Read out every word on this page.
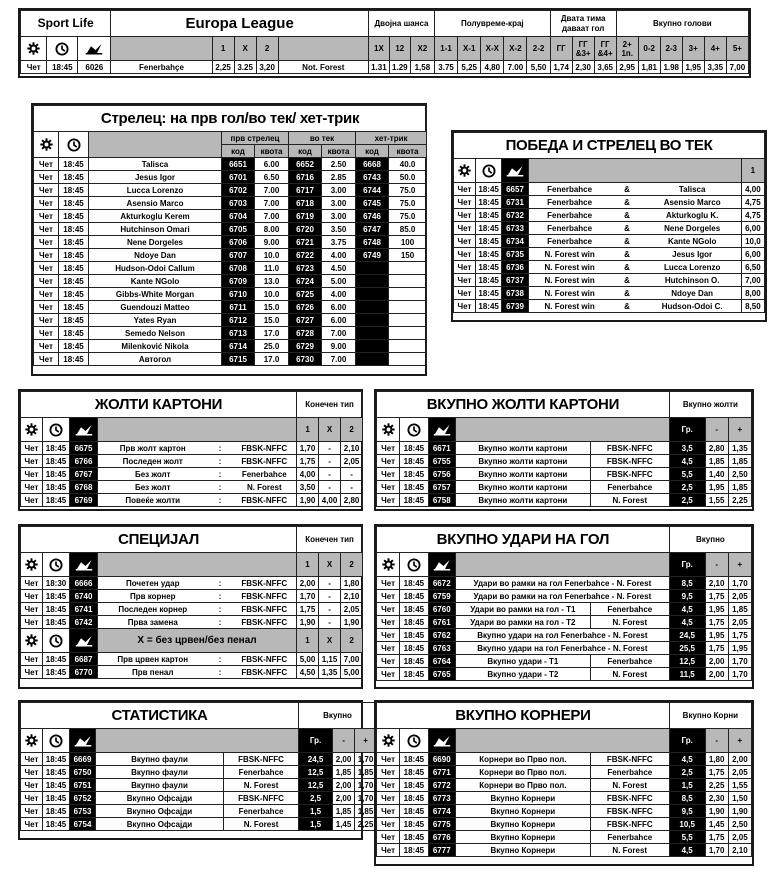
Sport Life			Europa League					Двојна шанса			Полувреме-крај					Двата тима даваат гол			Вкупно голови					

		1	X	2		1X	12	X2	1-1	X-1	X-X	X-2	2-2	ГГ	ГГ &3+	ГГ &4+	2+ 1п.	0-2	2-3	3+	4+	5+
Чет	18:45	6026	Fenerbahçe	2,25	3.25	3,20	Not. Forest	1.31	1.29	1,58	3.75	5,25	4,80	7.00	5,50	1,74	2,30	3,65	2,95	1,81	1.98	1,95	3,35	7,00
Стрелец: на прв гол/во тек/ хет-трик								

		прв стрелец		во тек		хет-трик	
			код	квота	код	квота	код	квота
Чет	18:45	Talisca	6651	6.00	6652	2.50	6668	40.0
Чет	18:45	Jesus Igor	6701	6.50	6716	2.85	6743	50.0
Чет	18:45	Lucca Lorenzo	6702	7.00	6717	3.00	6744	75.0
Чет	18:45	Asensio Marco	6703	7.00	6718	3.00	6745	75.0
Чет	18:45	Akturkoglu Kerem	6704	7.00	6719	3.00	6746	75.0
Чет	18:45	Hutchinson Omari	6705	8.00	6720	3.50	6747	85.0
Чет	18:45	Nene Dorgeles	6706	9.00	6721	3.75	6748	100
Чет	18:45	Ndoye Dan	6707	10.0	6722	4.00	6749	150
Чет	18:45	Hudson-Odoi Callum	6708	11.0	6723	4.50		
Чет	18:45	Kante NGolo	6709	13.0	6724	5.00		
Чет	18:45	Gibbs-White Morgan	6710	10.0	6725	4.00		
Чет	18:45	Guendouzi Matteo	6711	15.0	6726	6.00		
Чет	18:45	Yates Ryan	6712	15.0	6727	6.00		
Чет	18:45	Semedo Nelson	6713	17.0	6728	7.00		
Чет	18:45	Milenković Nikola	6714	25.0	6729	9.00		
Чет	18:45	Автогол	6715	17.0	6730	7.00		
ПОБЕДА И СТРЕЛЕЦ ВО ТЕК						

		1
Чет	18:45	6657	Fenerbahce	&	Talisca	4,00
Чет	18:45	6731	Fenerbahce	&	Asensio Marco	4,75
Чет	18:45	6732	Fenerbahce	&	Akturkoglu K.	4,75
Чет	18:45	6733	Fenerbahce	&	Nene Dorgeles	6,00
Чет	18:45	6734	Fenerbahce	&	Kante NGolo	10,0
Чет	18:45	6735	N. Forest win	&	Jesus Igor	6,00
Чет	18:45	6736	N. Forest win	&	Lucca Lorenzo	6,50
Чет	18:45	6737	N. Forest win	&	Hutchinson O.	7,00
Чет	18:45	6738	N. Forest win	&	Ndoye Dan	8,00
Чет	18:45	6739	N. Forest win	&	Hudson-Odoi C.	8,50
ЖОЛТИ КАРТОНИ						Конечен тип		

		1	X	2
Чет	18:45	6675	Прв жолт картон	:	FBSK-NFFC	1,70	-	2,10
Чет	18:45	6766	Последен жолт	:	FBSK-NFFC	1,75	-	2,05
Чет	18:45	6767	Без жолт	:	Fenerbahce	4,00	-	-
Чет	18:45	6768	Без жолт	:	N. Forest	3,50	-	-
Чет	18:45	6769	Повеќе жолти	:	FBSK-NFFC	1,90	4,00	2,80
ВКУПНО ЖОЛТИ КАРТОНИ					Вкупно жолти		

		Гр.	-	+
Чет	18:45	6671	Вкупно жолти картони	FBSK-NFFC	3,5	2,80	1,35
Чет	18:45	6755	Вкупно жолти картони	FBSK-NFFC	4,5	1,85	1,85
Чет	18:45	6756	Вкупно жолти картони	FBSK-NFFC	5,5	1,40	2,50
Чет	18:45	6757	Вкупно жолти картони	Fenerbahce	2,5	1,95	1,85
Чет	18:45	6758	Вкупно жолти картони	N. Forest	2,5	1,55	2,25
СПЕЦИЈАЛ						Конечен тип		

		1	X	2
Чет	18:30	6666	Почетен удар	:	FBSK-NFFC	2,00	-	1,80
Чет	18:45	6740	Прв корнер	:	FBSK-NFFC	1,70	-	2,10
Чет	18:45	6741	Последен корнер	:	FBSK-NFFC	1,75	-	2,05
Чет	18:45	6742	Прва замена	:	FBSK-NFFC	1,90	-	1,90

	X = без црвен/без пенал			1	X	2
Чет	18:45	6687	Прв црвен картон	:	FBSK-NFFC	5,00	1,15	7,00
Чет	18:45	6770	Прв пенал	:	FBSK-NFFC	4,50	1,35	5,00
ВКУПНО УДАРИ НА ГОЛ					Вкупно		

		Гр.	-	+
Чет	18:45	6672	Удари во рамки на гол Fenerbahce - N. Forest		8,5	2,10	1,70
Чет	18:45	6759	Удари во рамки на гол Fenerbahce - N. Forest		9,5	1,75	2,05
Чет	18:45	6760	Удари во рамки на гол - T1	Fenerbahce	4,5	1,95	1,85
Чет	18:45	6761	Удари во рамки на гол - T2	N. Forest	4,5	1,75	2,05
Чет	18:45	6762	Вкупно удари на гол Fenerbahce - N. Forest		24,5	1,95	1,75
Чет	18:45	6763	Вкупно удари на гол Fenerbahce - N. Forest		25,5	1,75	1,95
Чет	18:45	6764	Вкупно удари - T1	Fenerbahce	12,5	2,00	1,70
Чет	18:45	6765	Вкупно удари - T2	N. Forest	11,5	2,00	1,70
СТАТИСТИКА					Вкупно		

		Гр.	-	+
Чет	18:45	6669	Вкупно фаули	FBSK-NFFC	24,5	2,00	1,70
Чет	18:45	6750	Вкупно фаули	Fenerbahce	12,5	1,85	1,85
Чет	18:45	6751	Вкупно фаули	N. Forest	12,5	2,00	1,70
Чет	18:45	6752	Вкупно Офсајди	FBSK-NFFC	2,5	2,00	1,70
Чет	18:45	6753	Вкупно Офсајди	Fenerbahce	1,5	1,85	1,85
Чет	18:45	6754	Вкупно Офсајди	N. Forest	1,5	1,45	2,25
ВКУПНО КОРНЕРИ					Вкупно Корни		

		Гр.	-	+
Чет	18:45	6690	Корнери во Прво пол.	FBSK-NFFC	4,5	1,80	2,00
Чет	18:45	6771	Корнери во Прво пол.	Fenerbahce	2,5	1,75	2,05
Чет	18:45	6772	Корнери во Прво пол.	N. Forest	1,5	2,25	1,55
Чет	18:45	6773	Вкупно Корнери	FBSK-NFFC	8,5	2,30	1,50
Чет	18:45	6774	Вкупно Корнери	FBSK-NFFC	9,5	1,90	1,90
Чет	18:45	6775	Вкупно Корнери	FBSK-NFFC	10,5	1,45	2,50
Чет	18:45	6776	Вкупно Корнери	Fenerbahce	5,5	1,75	2,05
Чет	18:45	6777	Вкупно Корнери	N. Forest	4,5	1,70	2,10
